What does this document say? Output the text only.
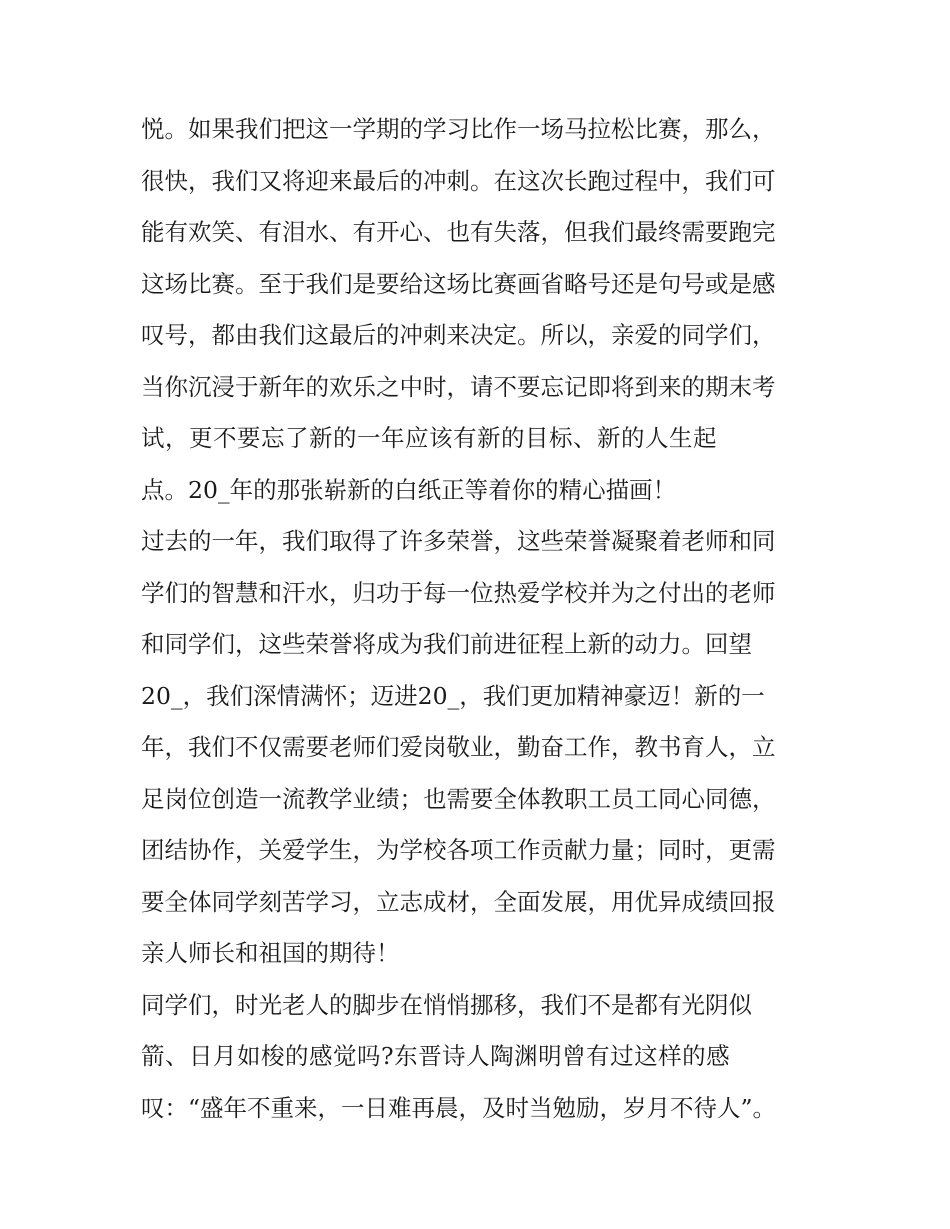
悦。如果我们把这一学期的学习比作一场马拉松比赛，那么，
很快，我们又将迎来最后的冲刺。在这次长跑过程中，我们可
能有欢笑、有泪水、有开心、也有失落，但我们最终需要跑完
这场比赛。至于我们是要给这场比赛画省略号还是句号或是感
叹号，都由我们这最后的冲刺来决定。所以，亲爱的同学们，
当你沉浸于新年的欢乐之中时，请不要忘记即将到来的期末考
试，更不要忘了新的一年应该有新的目标、新的人生起
点。20_年的那张崭新的白纸正等着你的精心描画！
过去的一年，我们取得了许多荣誉，这些荣誉凝聚着老师和同
学们的智慧和汗水，归功于每一位热爱学校并为之付出的老师
和同学们，这些荣誉将成为我们前进征程上新的动力。回望
20_，我们深情满怀；迈进20_，我们更加精神豪迈！新的一
年，我们不仅需要老师们爱岗敬业，勤奋工作，教书育人，立
足岗位创造一流教学业绩；也需要全体教职工员工同心同德，
团结协作，关爱学生，为学校各项工作贡献力量；同时，更需
要全体同学刻苦学习，立志成材，全面发展，用优异成绩回报
亲人师长和祖国的期待！
同学们，时光老人的脚步在悄悄挪移，我们不是都有光阴似
箭、日月如梭的感觉吗?东晋诗人陶渊明曾有过这样的感
叹：“盛年不重来，一日难再晨，及时当勉励，岁月不待人”。
